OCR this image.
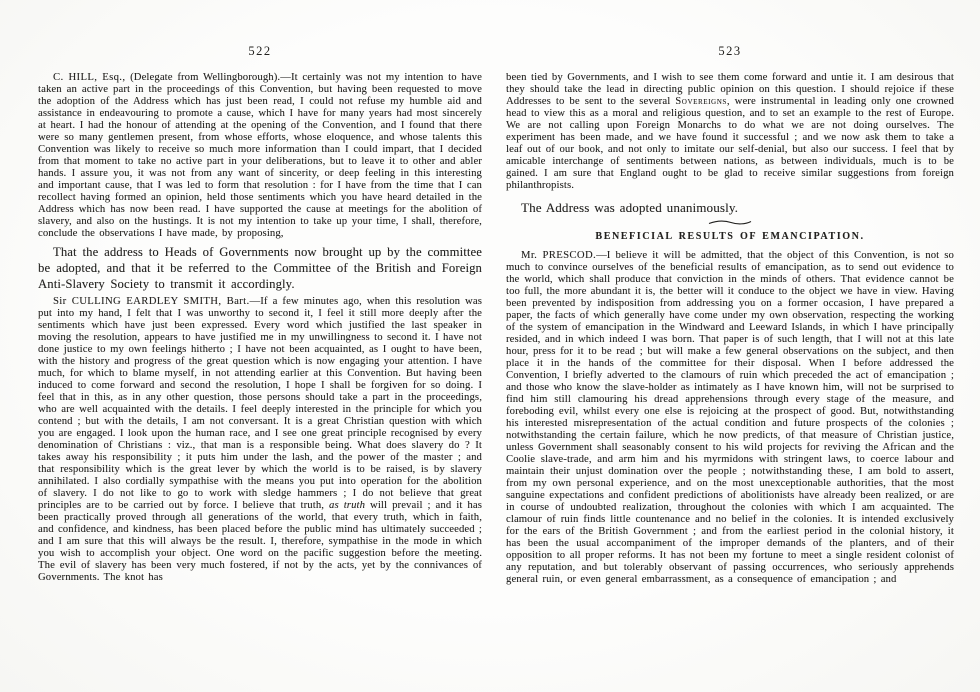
522

C. HILL, Esq., (Delegate from Wellingborough).—It certainly was not my intention to have taken an active part in the proceedings of this Convention, but having been requested to move the adoption of the Address which has just been read, I could not refuse my humble aid and assistance in endeavouring to promote a cause, which I have for many years had most sincerely at heart. I had the honour of attending at the opening of the Convention, and I found that there were so many gentlemen present, from whose efforts, whose eloquence, and whose talents this Convention was likely to receive so much more information than I could impart, that I decided from that moment to take no active part in your deliberations, but to leave it to other and abler hands. I assure you, it was not from any want of sincerity, or deep feeling in this interesting and important cause, that I was led to form that resolution : for I have from the time that I can recollect having formed an opinion, held those sentiments which you have heard detailed in the Address which has now been read. I have supported the cause at meetings for the abolition of slavery, and also on the hustings. It is not my intention to take up your time, I shall, therefore, conclude the observations I have made, by proposing,

That the address to Heads of Governments now brought up by the committee be adopted, and that it be referred to the Committee of the British and Foreign Anti-Slavery Society to transmit it accordingly.

Sir CULLING EARDLEY SMITH, Bart.—If a few minutes ago, when this resolution was put into my hand, I felt that I was unworthy to second it, I feel it still more deeply after the sentiments which have just been expressed. Every word which justified the last speaker in moving the resolution, appears to have justified me in my unwillingness to second it. I have not done justice to my own feelings hitherto ; I have not been acquainted, as I ought to have been, with the history and progress of the great question which is now engaging your attention. I have much, for which to blame myself, in not attending earlier at this Convention. But having been induced to come forward and second the resolution, I hope I shall be forgiven for so doing. I feel that in this, as in any other question, those persons should take a part in the proceedings, who are well acquainted with the details. I feel deeply interested in the principle for which you contend ; but with the details, I am not conversant. It is a great Christian question with which you are engaged. I look upon the human race, and I see one great principle recognised by every denomination of Christians : viz., that man is a responsible being. What does slavery do ? It takes away his responsibility ; it puts him under the lash, and the power of the master ; and that responsibility which is the great lever by which the world is to be raised, is by slavery annihilated. I also cordially sympathise with the means you put into operation for the abolition of slavery. I do not like to go to work with sledge hammers ; I do not believe that great principles are to be carried out by force. I believe that truth, as truth will prevail ; and it has been practically proved through all generations of the world, that every truth, which in faith, and confidence, and kindness, has been placed before the public mind has ultimately succeeded ; and I am sure that this will always be the result. I, therefore, sympathise in the mode in which you wish to accomplish your object. One word on the pacific suggestion before the meeting. The evil of slavery has been very much fostered, if not by the acts, yet by the connivances of Governments. The knot has

523

been tied by Governments, and I wish to see them come forward and untie it. I am desirous that they should take the lead in directing public opinion on this question. I should rejoice if these Addresses to be sent to the several Sovereigns, were instrumental in leading only one crowned head to view this as a moral and religious question, and to set an example to the rest of Europe. We are not calling upon Foreign Monarchs to do what we are not doing ourselves. The experiment has been made, and we have found it successful ; and we now ask them to take a leaf out of our book, and not only to imitate our self-denial, but also our success. I feel that by amicable interchange of sentiments between nations, as between individuals, much is to be gained. I am sure that England ought to be glad to receive similar suggestions from foreign philanthropists.

The Address was adopted unanimously.

BENEFICIAL RESULTS OF EMANCIPATION.

Mr. PRESCOD.—I believe it will be admitted, that the object of this Convention, is not so much to convince ourselves of the beneficial results of emancipation, as to send out evidence to the world, which shall produce that conviction in the minds of others. That evidence cannot be too full, the more abundant it is, the better will it conduce to the object we have in view. Having been prevented by indisposition from addressing you on a former occasion, I have prepared a paper, the facts of which generally have come under my own observation, respecting the working of the system of emancipation in the Windward and Leeward Islands, in which I have principally resided, and in which indeed I was born. That paper is of such length, that I will not at this late hour, press for it to be read ; but will make a few general observations on the subject, and then place it in the hands of the committee for their disposal. When I before addressed the Convention, I briefly adverted to the clamours of ruin which preceded the act of emancipation ; and those who know the slave-holder as intimately as I have known him, will not be surprised to find him still clamouring his dread apprehensions through every stage of the measure, and foreboding evil, whilst every one else is rejoicing at the prospect of good. But, notwithstanding his interested misrepresentation of the actual condition and future prospects of the colonies ; notwithstanding the certain failure, which he now predicts, of that measure of Christian justice, unless Government shall seasonably consent to his wild projects for reviving the African and the Coolie slave-trade, and arm him and his myrmidons with stringent laws, to coerce labour and maintain their unjust domination over the people ; notwithstanding these, I am bold to assert, from my own personal experience, and on the most unexceptionable authorities, that the most sanguine expectations and confident predictions of abolitionists have already been realized, or are in course of undoubted realization, throughout the colonies with which I am acquainted. The clamour of ruin finds little countenance and no belief in the colonies. It is intended exclusively for the ears of the British Government ; and from the earliest period in the colonial history, it has been the usual accompaniment of the improper demands of the planters, and of their opposition to all proper reforms. It has not been my fortune to meet a single resident colonist of any reputation, and but tolerably observant of passing occurrences, who seriously apprehends general ruin, or even general embarrassment, as a consequence of emancipation ; and
